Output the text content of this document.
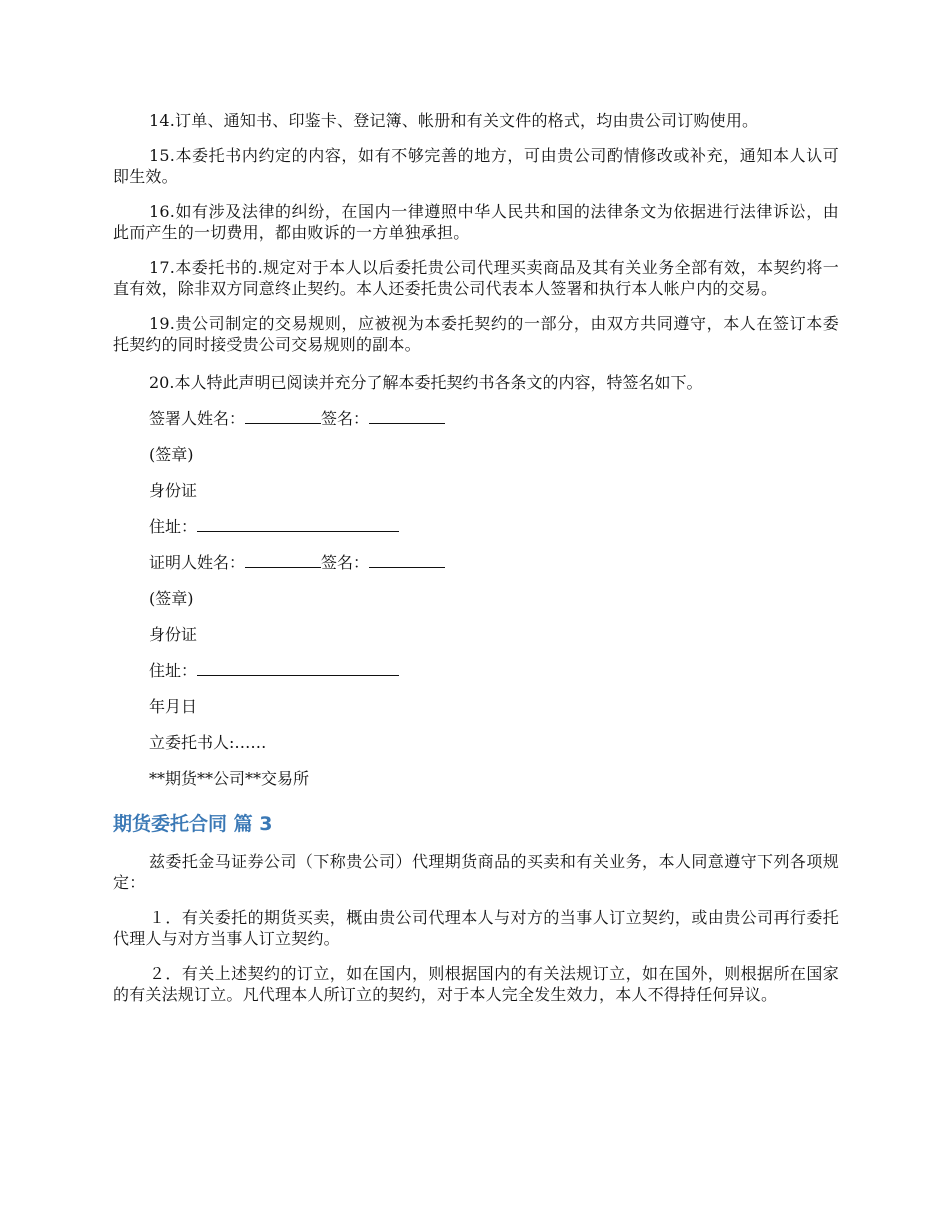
14.订单、通知书、印鉴卡、登记簿、帐册和有关文件的格式，均由贵公司订购使用。

15.本委托书内约定的内容，如有不够完善的地方，可由贵公司酌情修改或补充，通知本人认可即生效。

16.如有涉及法律的纠纷，在国内一律遵照中华人民共和国的法律条文为依据进行法律诉讼，由此而产生的一切费用，都由败诉的一方单独承担。

17.本委托书的.规定对于本人以后委托贵公司代理买卖商品及其有关业务全部有效，本契约将一直有效，除非双方同意终止契约。本人还委托贵公司代表本人签署和执行本人帐户内的交易。

19.贵公司制定的交易规则，应被视为本委托契约的一部分，由双方共同遵守，本人在签订本委托契约的同时接受贵公司交易规则的副本。

20.本人特此声明已阅读并充分了解本委托契约书各条文的内容，特签名如下。

签署人姓名：	签名：

(签章)

身份证

住址：

证明人姓名：	签名：

(签章)

身份证

住址：

年月日

立委托书人:……

**期货**公司**交易所

期货委托合同 篇 3

兹委托金马证券公司（下称贵公司）代理期货商品的买卖和有关业务，本人同意遵守下列各项规定：

１．有关委托的期货买卖，概由贵公司代理本人与对方的当事人订立契约，或由贵公司再行委托代理人与对方当事人订立契约。

２．有关上述契约的订立，如在国内，则根据国内的有关法规订立，如在国外，则根据所在国家的有关法规订立。凡代理本人所订立的契约，对于本人完全发生效力，本人不得持任何异议。
